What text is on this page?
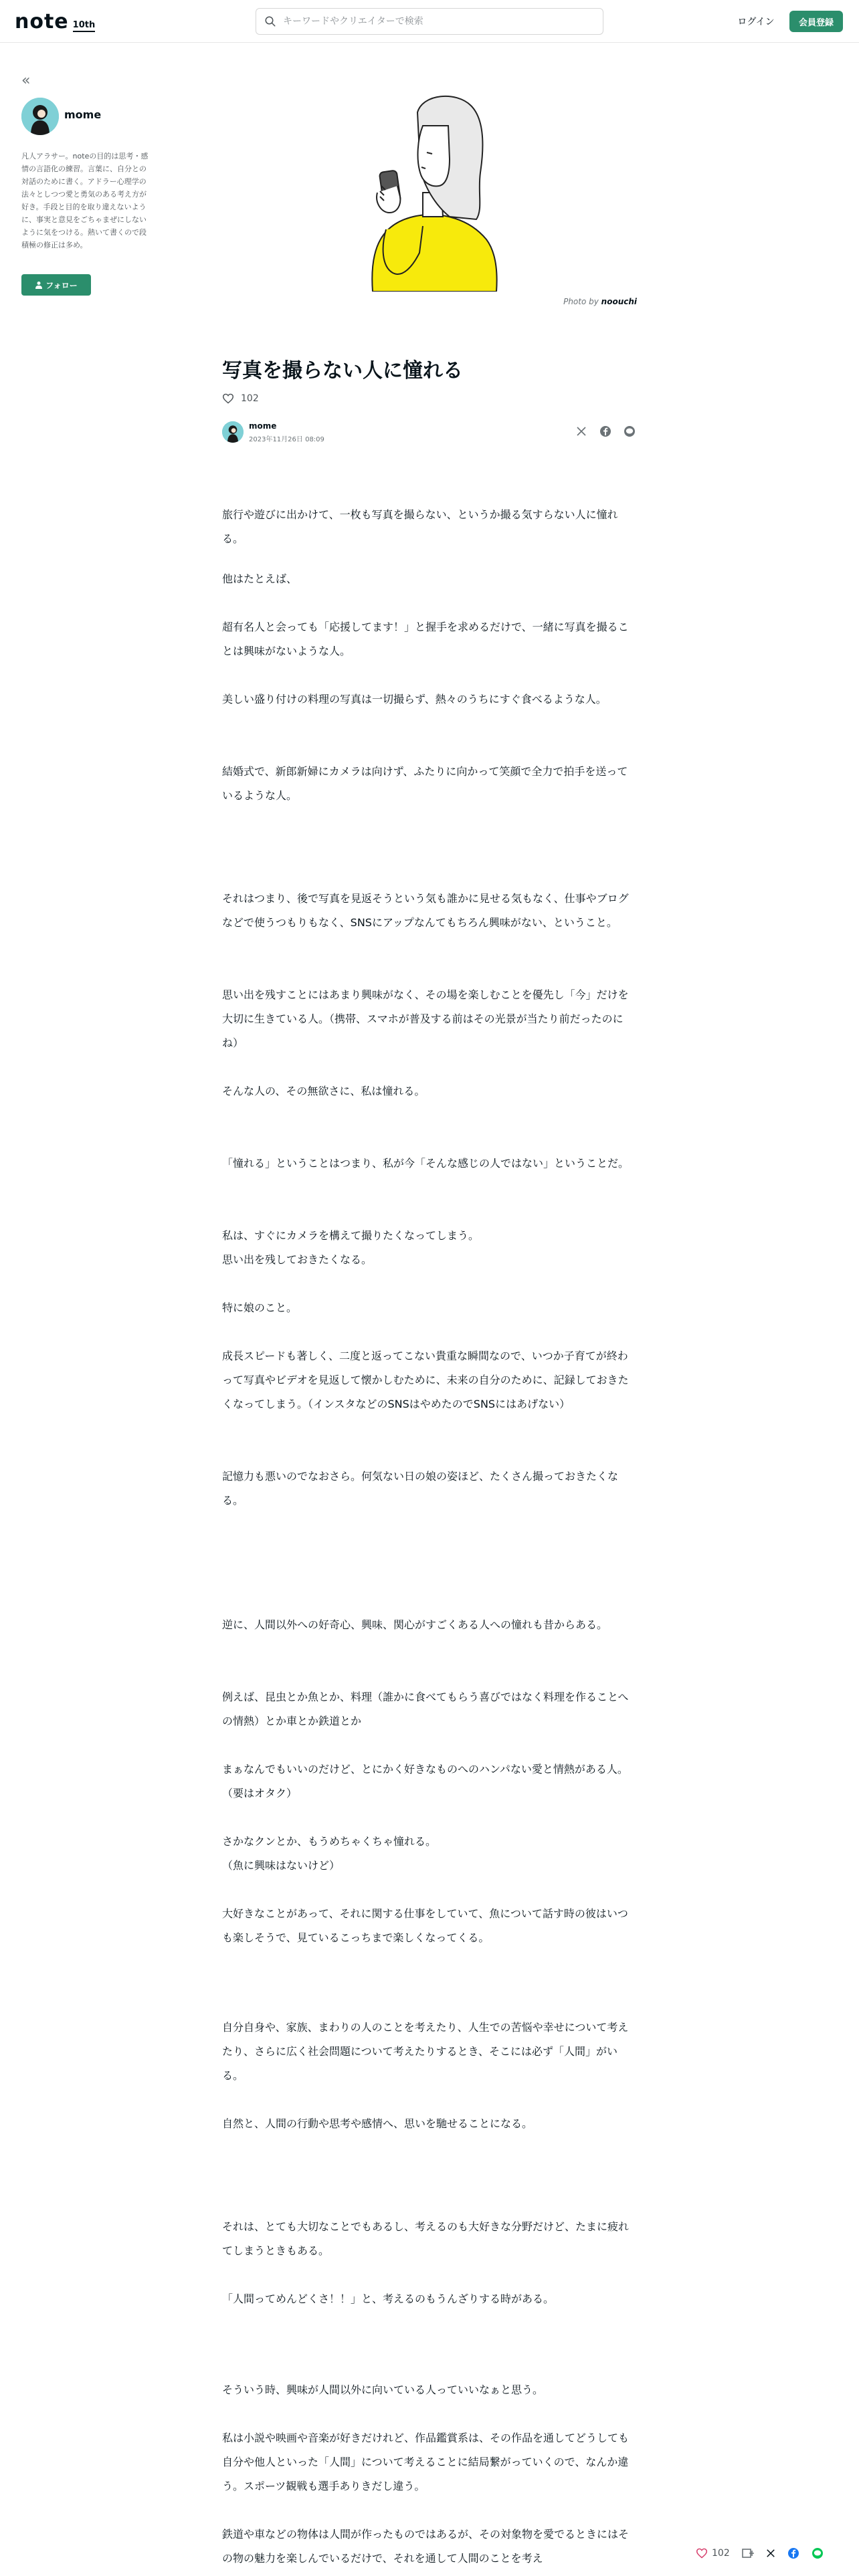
note 10th
キーワードやクリエイターで検索	ログイン	会員登録
«
mome
凡人アラサー。noteの目的は思考・感情の言語化の練習。言葉に、自分との対話のために書く。アドラー心理学の法々としつつ愛と勇気のある考え方が好き。手段と目的を取り違えないように、事実と意見をごちゃまぜにしないように気をつける。熱いて書くので段積極の修正は多め。
フォロー
Photo by noouchi
写真を撮らない人に憧れる
102
mome
2023年11月26日 08:09

旅行や遊びに出かけて、一枚も写真を撮らない、というか撮る気すらない人に憧れる。

他はたとえば、

超有名人と会っても「応援してます！」と握手を求めるだけで、一緒に写真を撮ることは興味がないような人。

美しい盛り付けの料理の写真は一切撮らず、熱々のうちにすぐ食べるような人。

結婚式で、新郎新婦にカメラは向けず、ふたりに向かって笑顔で全力で拍手を送っているような人。

それはつまり、後で写真を見返そうという気も誰かに見せる気もなく、仕事やブログなどで使うつもりもなく、SNSにアップなんてもちろん興味がない、ということ。

思い出を残すことにはあまり興味がなく、その場を楽しむことを優先し「今」だけを大切に生きている人。（携帯、スマホが普及する前はその光景が当たり前だったのにね）

そんな人の、その無欲さに、私は憧れる。

「憧れる」ということはつまり、私が今「そんな感じの人ではない」ということだ。

私は、すぐにカメラを構えて撮りたくなってしまう。
思い出を残しておきたくなる。

特に娘のこと。

成長スピードも著しく、二度と返ってこない貴重な瞬間なので、いつか子育てが終わって写真やビデオを見返して懐かしむために、未来の自分のために、記録しておきたくなってしまう。（インスタなどのSNSはやめたのでSNSにはあげない）

記憶力も悪いのでなおさら。何気ない日の娘の姿ほど、たくさん撮っておきたくなる。

逆に、人間以外への好奇心、興味、関心がすごくある人への憧れも昔からある。

例えば、昆虫とか魚とか、料理（誰かに食べてもらう喜びではなく料理を作ることへの情熱）とか車とか鉄道とか

まぁなんでもいいのだけど、とにかく好きなものへのハンパない愛と情熱がある人。（要はオタク）

さかなクンとか、もうめちゃくちゃ憧れる。
（魚に興味はないけど）

大好きなことがあって、それに関する仕事をしていて、魚について話す時の彼はいつも楽しそうで、見ているこっちまで楽しくなってくる。

自分自身や、家族、まわりの人のことを考えたり、人生での苦悩や幸せについて考えたり、さらに広く社会問題について考えたりするとき、そこには必ず「人間」がいる。

自然と、人間の行動や思考や感情へ、思いを馳せることになる。

それは、とても大切なことでもあるし、考えるのも大好きな分野だけど、たまに疲れてしまうときもある。

「人間ってめんどくさ！！」と、考えるのもうんざりする時がある。

そういう時、興味が人間以外に向いている人っていいなぁと思う。

私は小説や映画や音楽が好きだけれど、作品鑑賞系は、その作品を通してどうしても自分や他人といった「人間」について考えることに結局繋がっていくので、なんか違う。スポーツ観戦も選手ありきだし違う。

鉄道や車などの物体は人間が作ったものではあるが、その対象物を愛でるときにはその物の魅力を楽しんでいるだけで、それを通して人間のことを考え	102
